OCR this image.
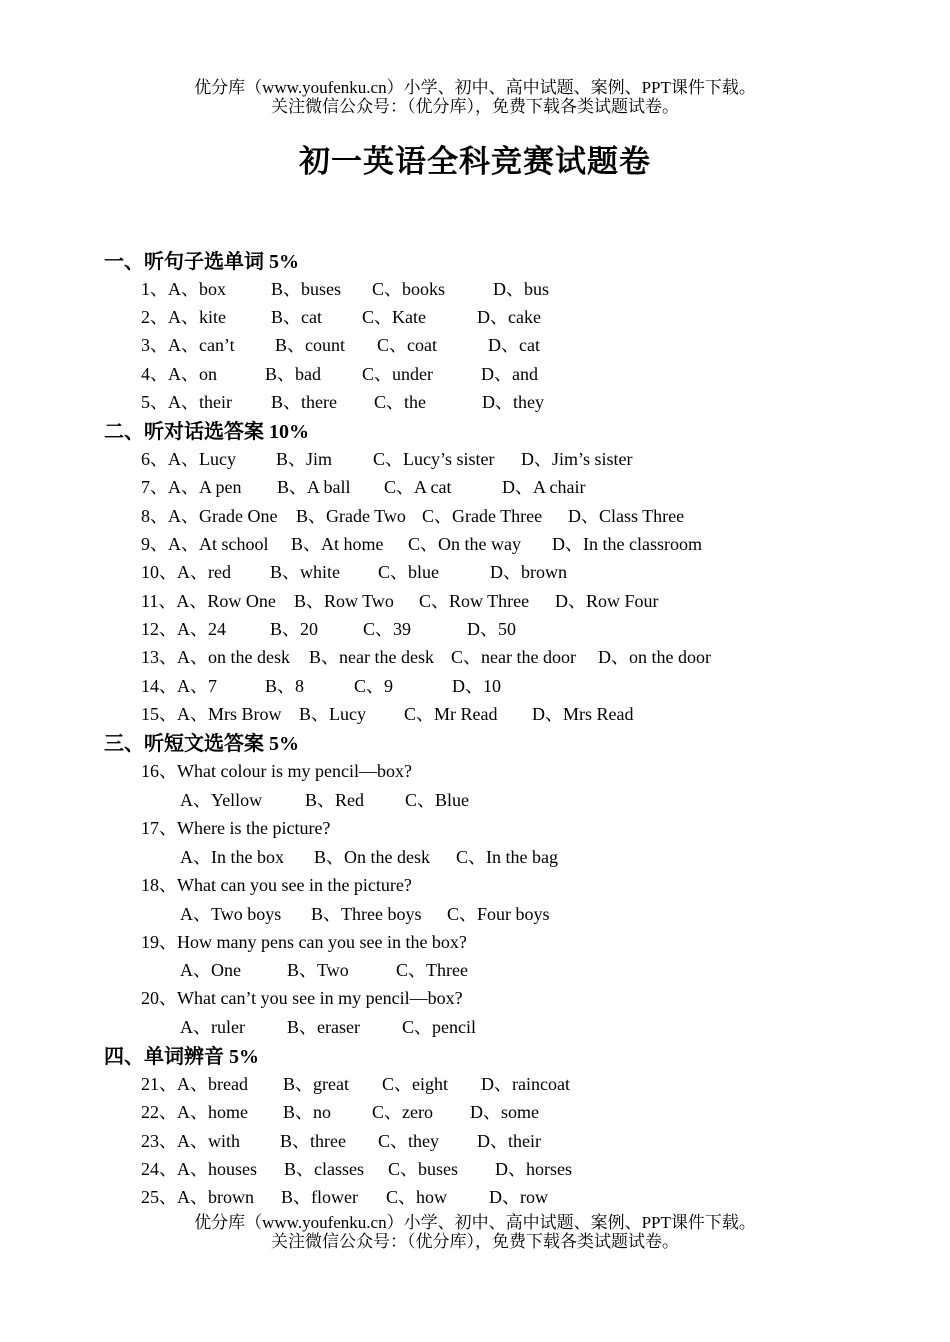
优分库（www.youfenku.cn）小学、初中、高中试题、案例、PPT课件下载。
关注微信公众号：（优分库），免费下载各类试题试卷。
初一英语全科竞赛试题卷
一、听句子选单词 5%

1、A、box

	B、buses

C、books

	D、bus

2、A、kite

	B、cat

C、Kate

	D、cake

3、A、can’t

B、count

C、coat

	D、cat

4、A、on

	B、bad

C、under

	D、and

5、A、their

B、there

C、the

	D、they

二、听对话选答案 10%

6、A、Lucy

B、Jim

C、Lucy’s sister

D、Jim’s sister

7、A、A pen

B、A ball

C、A cat

	D、A chair

8、A、Grade One

B、Grade Two

C、Grade Three

D、Class Three

9、A、At school

B、At home

C、On the way

D、In the classroom

10、A、red

B、white

C、blue

	D、brown

11、A、Row One

B、Row Two

C、Row Three

D、Row Four

12、A、24

B、20

C、39

	D、50

13、A、on the desk

B、near the desk

C、near the door

D、on the door

14、A、7

	B、8

	C、9

	D、10

15、A、Mrs Brow

B、Lucy

C、Mr Read

D、Mrs Read

三、听短文选答案 5%
16、What colour is my pencil—box?

A、Yellow

B、Red

C、Blue

17、Where is the picture?

A、In the box

B、On the desk

C、In the bag

18、What can you see in the picture?

A、Two boys

B、Three boys

C、Four boys

19、How many pens can you see in the box?

A、One

	B、Two

	C、Three

20、What can’t you see in my pencil—box?

A、ruler

B、eraser

C、pencil

四、单词辨音 5%

21、A、bread

B、great

C、eight

D、raincoat

22、A、home

B、no

C、zero

D、some

23、A、with

B、three

C、they

D、their

24、A、houses

B、classes

C、buses

D、horses

25、A、brown

B、flower

C、how

D、row

优分库（www.youfenku.cn）小学、初中、高中试题、案例、PPT课件下载。
关注微信公众号：（优分库），免费下载各类试题试卷。
